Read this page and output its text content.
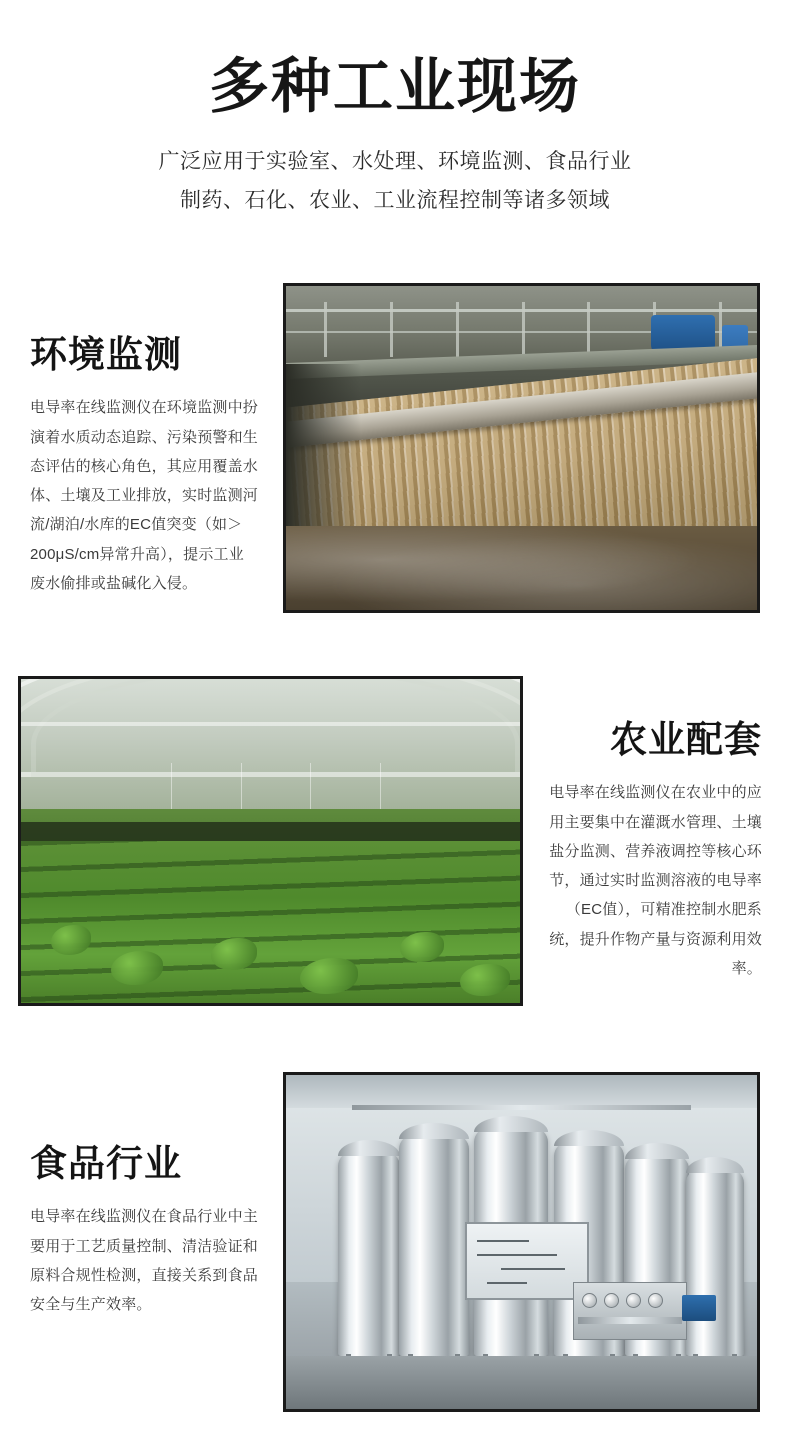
多种工业现场
广泛应用于实验室、水处理、环境监测、食品行业
制药、石化、农业、工业流程控制等诸多领域
环境监测

电导率在线监测仪在环境监测中扮演着水质动态追踪、污染预警和生态评估的核心角色，其应用覆盖水体、土壤及工业排放，实时监测河流/湖泊/水库的EC值突变（如＞200μS/cm异常升高），提示工业废水偷排或盐碱化入侵。

农业配套

电导率在线监测仪在农业中的应用主要集中在灌溉水管理、土壤盐分监测、营养液调控等核心环节，通过实时监测溶液的电导率（EC值），可精准控制水肥系统，提升作物产量与资源利用效率。

食品行业

电导率在线监测仪在食品行业中主要用于工艺质量控制、清洁验证和原料合规性检测，直接关系到食品安全与生产效率。
